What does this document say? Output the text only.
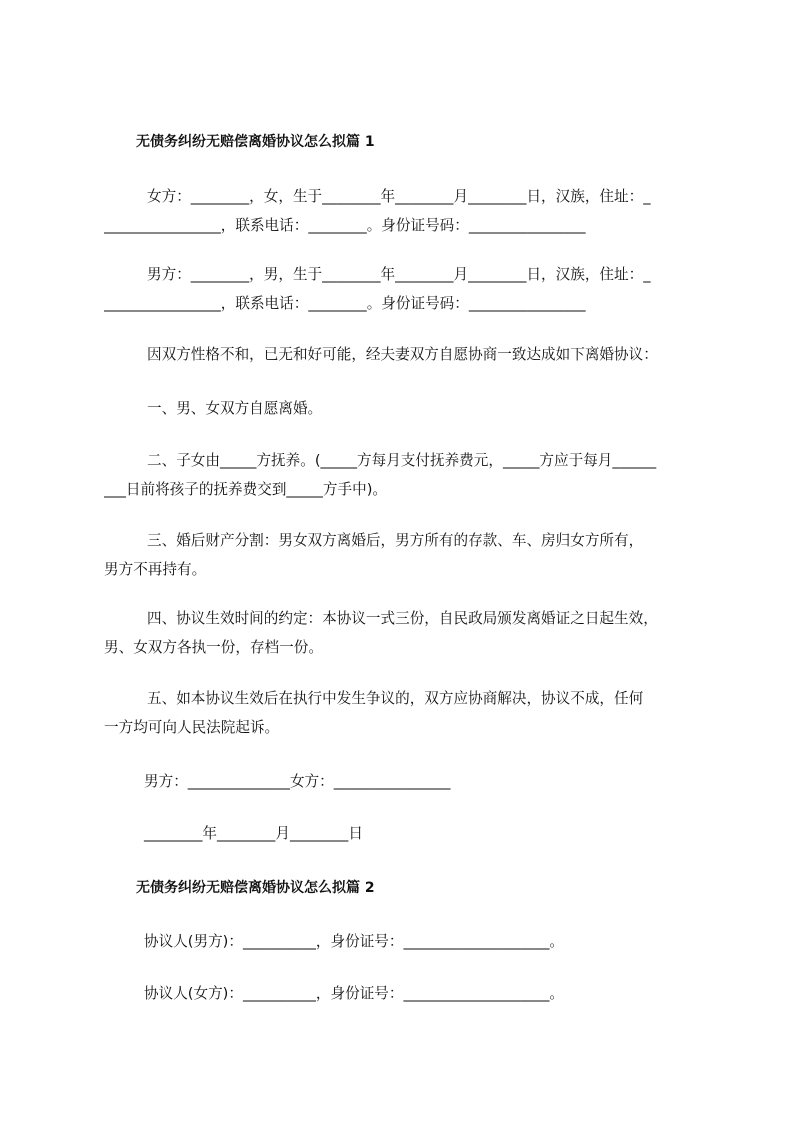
无债务纠纷无赔偿离婚协议怎么拟篇 1

女方：________，女，生于________年________月________日，汉族，住址：_
________________，联系电话：________。身份证号码：________________
男方：________，男，生于________年________月________日，汉族，住址：_
________________，联系电话：________。身份证号码：________________
因双方性格不和，已无和好可能，经夫妻双方自愿协商一致达成如下离婚协议：
一、男、女双方自愿离婚。
二、子女由_____方抚养。(_____方每月支付抚养费元，_____方应于每月______
___日前将孩子的抚养费交到_____方手中)。
三、婚后财产分割：男女双方离婚后，男方所有的存款、车、房归女方所有，
男方不再持有。
四、协议生效时间的约定：本协议一式三份，自民政局颁发离婚证之日起生效，
男、女双方各执一份，存档一份。
五、如本协议生效后在执行中发生争议的，双方应协商解决，协议不成，任何
一方均可向人民法院起诉。

男方：______________女方：________________

________年________月________日

无债务纠纷无赔偿离婚协议怎么拟篇 2

协议人(男方)：__________，身份证号：____________________。

协议人(女方)：__________，身份证号：____________________。
